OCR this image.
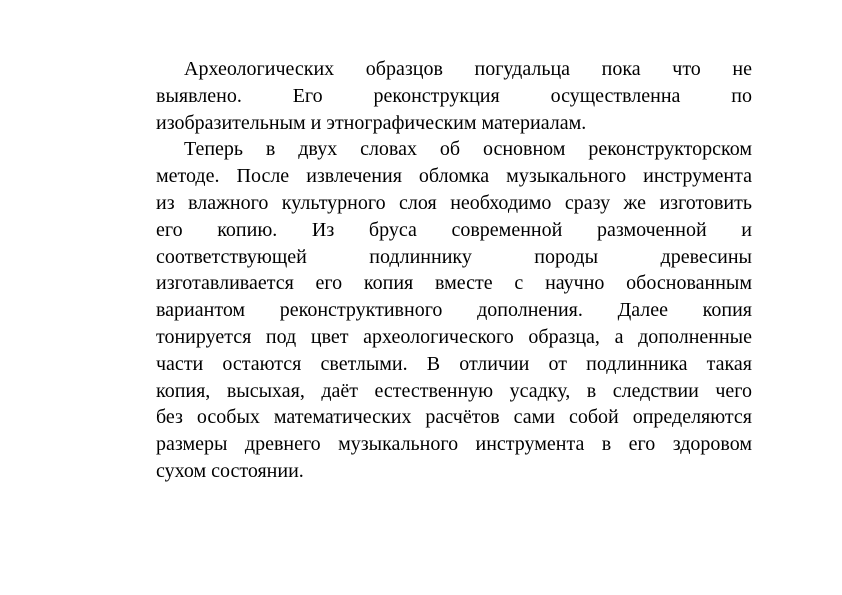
Археологических образцов погудальца пока что не
выявлено. Его реконструкция осуществленна по
изобразительным и этнографическим материалам.

Теперь в двух словах об основном реконструкторском
методе. После извлечения обломка музыкального инструмента
из влажного культурного слоя необходимо сразу же изготовить
его копию. Из бруса современной размоченной и
соответствующей подлиннику породы древесины
изготавливается его копия вместе с научно обоснованным
вариантом реконструктивного дополнения. Далее копия
тонируется под цвет археологического образца, а дополненные
части остаются светлыми. В отличии от подлинника такая
копия, высыхая, даёт естественную усадку, в следствии чего
без особых математических расчётов сами собой определяются
размеры древнего музыкального инструмента в его здоровом
сухом состоянии.
